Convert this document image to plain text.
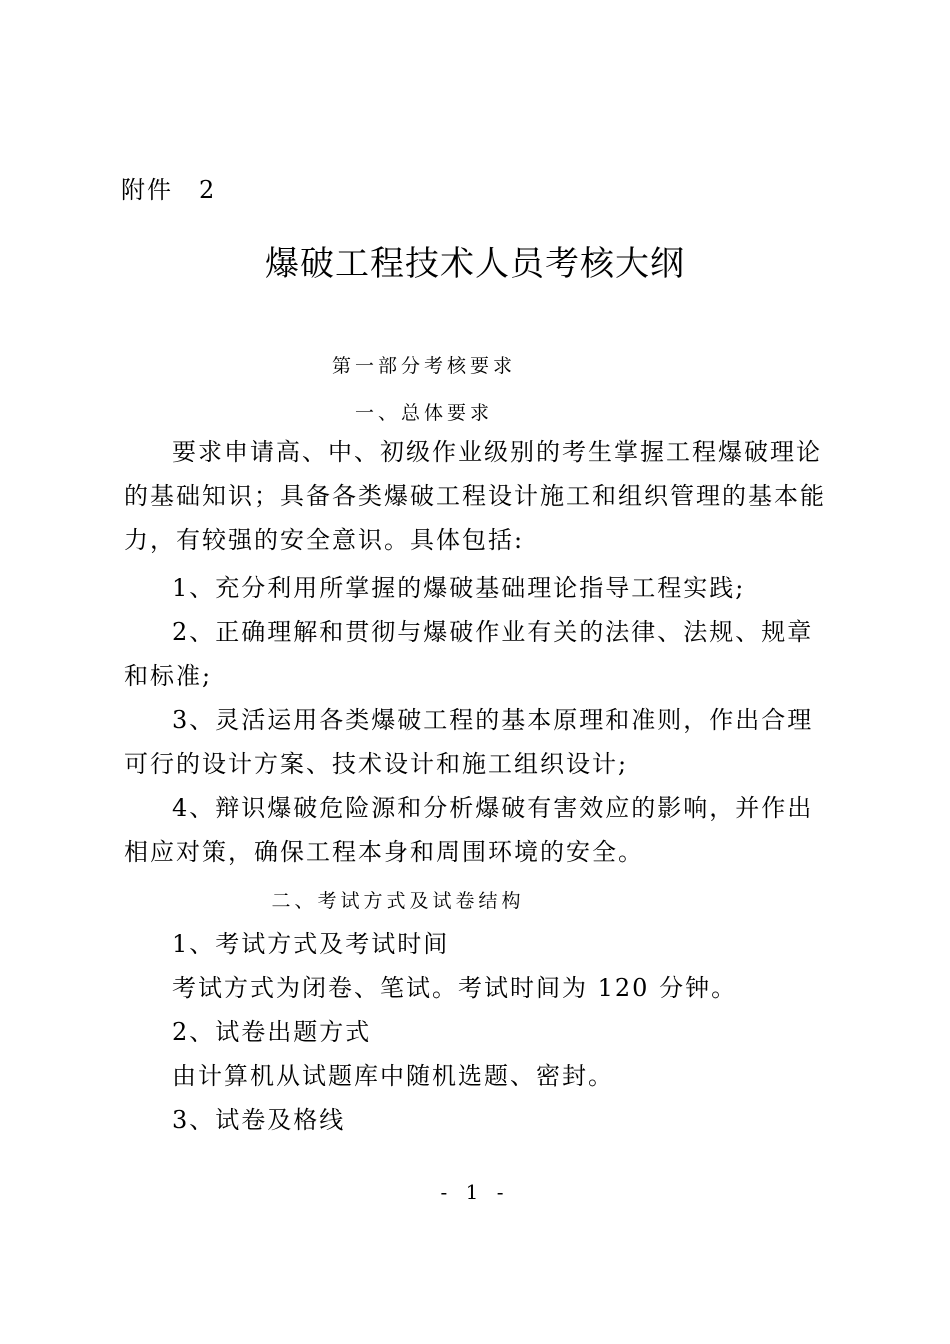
附件 2
爆破工程技术人员考核大纲
第一部分考核要求
一、总体要求
要求申请高、中、初级作业级别的考生掌握工程爆破理论的基础知识；具备各类爆破工程设计施工和组织管理的基本能力，有较强的安全意识。具体包括:
1、充分利用所掌握的爆破基础理论指导工程实践;
2、正确理解和贯彻与爆破作业有关的法律、法规、规章和标准;
3、灵活运用各类爆破工程的基本原理和准则，作出合理可行的设计方案、技术设计和施工组织设计;
4、辩识爆破危险源和分析爆破有害效应的影响，并作出相应对策，确保工程本身和周围环境的安全。
二、考试方式及试卷结构
1、考试方式及考试时间
考试方式为闭卷、笔试。考试时间为 120 分钟。
2、试卷出题方式
由计算机从试题库中随机选题、密封。
3、试卷及格线
- 1 -
